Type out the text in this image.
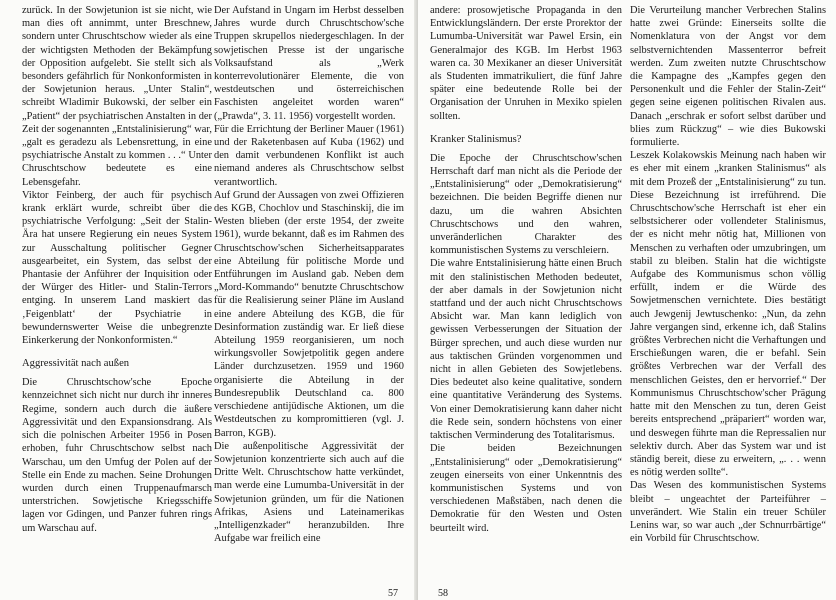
zurück. In der Sowjetunion ist sie nicht, wie man dies oft annimmt, unter Breschnew, sondern unter Chruschtschow wieder als eine der wichtigsten Methoden der Bekämpfung der Opposition aufgelebt. Sie stellt sich als besonders gefährlich für Nonkonformisten in der Sowjetunion heraus. „Unter Stalin“, schreibt Wladimir Bukowski, der selber ein „Patient“ der psychiatrischen Anstalten in der Zeit der sogenannten „Entstalinisierung“ war, „galt es geradezu als Lebensrettung, in eine psychiatrische Anstalt zu kommen . . .“ Unter Chruschtschow bedeutete es eine Lebensgefahr.

Viktor Feinberg, der auch für psychisch krank erklärt wurde, schreibt über die psychiatrische Verfolgung: „Seit der Stalin-Ära hat unsere Regierung ein neues System zur Ausschaltung politischer Gegner ausgearbeitet, ein System, das selbst der Phantasie der Anführer der Inquisition oder der Würger des Hitler- und Stalin-Terrors entging. In unserem Land maskiert das ‚Feigenblatt‘ der Psychiatrie in bewundernswerter Weise die unbegrenzte Einkerkerung der Nonkonformisten.“

Aggressivität nach außen

Die Chruschtschow'sche Epoche kennzeichnet sich nicht nur durch ihr inneres Regime, sondern auch durch die äußere Aggressivität und den Expansionsdrang. Als sich die polnischen Arbeiter 1956 in Posen erhoben, fuhr Chruschtschow selbst nach Warschau, um den Umfug der Polen auf der Stelle ein Ende zu machen. Seine Drohungen wurden durch einen Truppenaufmarsch unterstrichen. Sowjetische Kriegsschiffe lagen vor Gdingen, und Panzer fuhren rings um Warschau auf.

Der Aufstand in Ungarn im Herbst desselben Jahres wurde durch Chruschtschow'sche Truppen skrupellos niedergeschlagen. In der sowjetischen Presse ist der ungarische Volksaufstand als „Werk konterrevolutionärer Elemente, die von westdeutschen und österreichischen Faschisten angeleitet worden waren“ („Prawda“, 3. 11. 1956) vorgestellt worden.

Für die Errichtung der Berliner Mauer (1961) und der Raketenbasen auf Kuba (1962) und den damit verbundenen Konflikt ist auch niemand anderes als Chruschtschow selbst verantwortlich.

Auf Grund der Aussagen von zwei Offizieren des KGB, Chochlov und Staschinskij, die im Westen blieben (der erste 1954, der zweite 1961), wurde bekannt, daß es im Rahmen des Chruschtschow'schen Sicherheitsapparates eine Abteilung für politische Morde und Entführungen im Ausland gab. Neben dem „Mord-Kommando“ benutzte Chruschtschow für die Realisierung seiner Pläne im Ausland eine andere Abteilung des KGB, die für Desinformation zuständig war. Er ließ diese Abteilung 1959 reorganisieren, um noch wirkungsvoller Sowjetpolitik gegen andere Länder durchzusetzen. 1959 und 1960 organisierte die Abteilung in der Bundesrepublik Deutschland ca. 800 verschiedene antijüdische Aktionen, um die Westdeutschen zu kompromittieren (vgl. J. Barron, KGB).

Die außenpolitische Aggressivität der Sowjetunion konzentrierte sich auch auf die Dritte Welt. Chruschtschow hatte verkündet, man werde eine Lumumba-Universität in der Sowjetunion gründen, um für die Nationen Afrikas, Asiens und Lateinamerikas „Intelligenzkader“ heranzubilden. Ihre Aufgabe war freilich eine

57

andere: prosowjetische Propaganda in den Entwicklungsländern. Der erste Prorektor der Lumumba-Universität war Pawel Ersin, ein Generalmajor des KGB. Im Herbst 1963 waren ca. 30 Mexikaner an dieser Universität als Studenten immatrikuliert, die fünf Jahre später eine bedeutende Rolle bei der Organisation der Unruhen in Mexiko spielen sollten.

Kranker Stalinismus?

Die Epoche der Chruschtschow'schen Herrschaft darf man nicht als die Periode der „Entstalinisierung“ oder „Demokratisierung“ bezeichnen. Die beiden Begriffe dienen nur dazu, um die wahren Absichten Chruschtschows und den wahren, unveränderlichen Charakter des kommunistischen Systems zu verschleiern.

Die wahre Entstalinisierung hätte einen Bruch mit den stalinistischen Methoden bedeutet, der aber damals in der Sowjetunion nicht stattfand und der auch nicht Chruschtschows Absicht war. Man kann lediglich von gewissen Verbesserungen der Situation der Bürger sprechen, und auch diese wurden nur aus taktischen Gründen vorgenommen und nicht in allen Gebieten des Sowjetlebens. Dies bedeutet also keine qualitative, sondern eine quantitative Veränderung des Systems. Von einer Demokratisierung kann daher nicht die Rede sein, sondern höchstens von einer taktischen Verminderung des Totalitarismus.

Die beiden Bezeichnungen „Entstalinisierung“ oder „Demokratisierung“ zeugen einerseits von einer Unkenntnis des kommunistischen Systems und von verschiedenen Maßstäben, nach denen die Demokratie für den Westen und Osten beurteilt wird.

Die Verurteilung mancher Verbrechen Stalins hatte zwei Gründe: Einerseits sollte die Nomenklatura von der Angst vor dem selbstvernichtenden Massenterror befreit werden. Zum zweiten nutzte Chruschtschow die Kampagne des „Kampfes gegen den Personenkult und die Fehler der Stalin-Zeit“ gegen seine eigenen politischen Rivalen aus. Danach „erschrak er sofort selbst darüber und blies zum Rückzug“ – wie dies Bukowski formulierte.

Leszek Kolakowskis Meinung nach haben wir es eher mit einem „kranken Stalinismus“ als mit dem Prozeß der „Entstalinisierung“ zu tun. Diese Bezeichnung ist irreführend. Die Chruschtschow'sche Herrschaft ist eher ein selbstsicherer oder vollendeter Stalinismus, der es nicht mehr nötig hat, Millionen von Menschen zu verhaften oder umzubringen, um stabil zu bleiben. Stalin hat die wichtigste Aufgabe des Kommunismus schon völlig erfüllt, indem er die Würde des Sowjetmenschen vernichtete. Dies bestätigt auch Jewgenij Jewtuschenko: „Nun, da zehn Jahre vergangen sind, erkenne ich, daß Stalins größtes Verbrechen nicht die Verhaftungen und Erschießungen waren, die er befahl. Sein größtes Verbrechen war der Verfall des menschlichen Geistes, den er hervorrief.“ Der Kommunismus Chruschtschow'scher Prägung hatte mit den Menschen zu tun, deren Geist bereits entsprechend „präpariert“ worden war, und deswegen führte man die Repressalien nur selektiv durch. Aber das System war und ist ständig bereit, diese zu erweitern, „. . . wenn es nötig werden sollte“.

Das Wesen des kommunistischen Systems bleibt – ungeachtet der Parteiführer – unverändert. Wie Stalin ein treuer Schüler Lenins war, so war auch „der Schnurrbärtige“ ein Vorbild für Chruschtschow.

58
